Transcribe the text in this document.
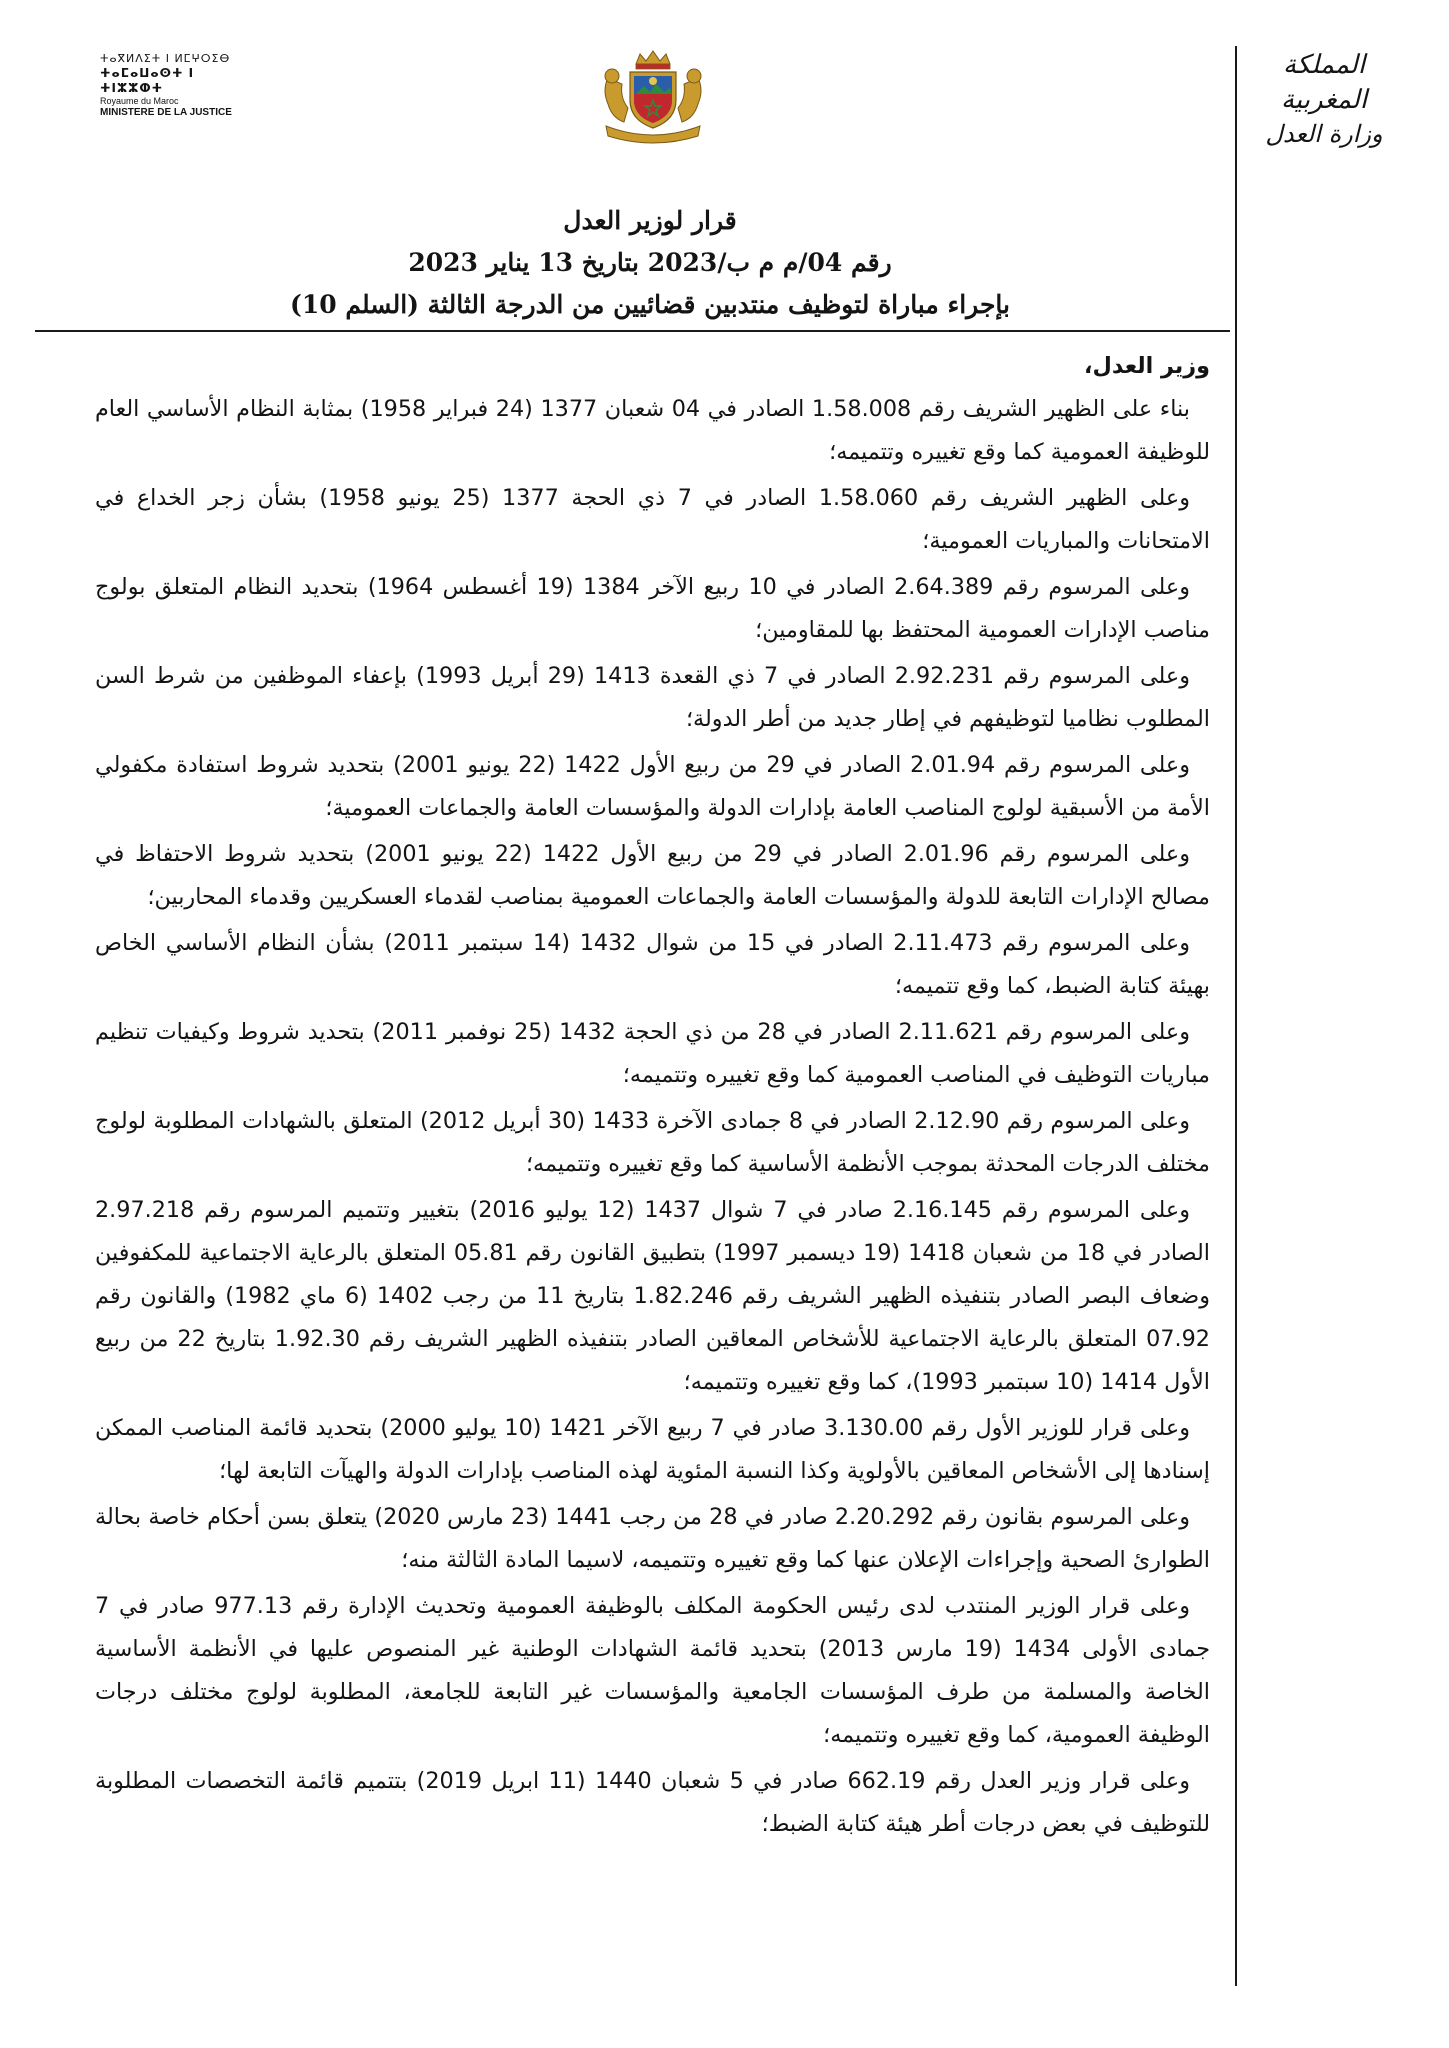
ⵜⴰⴳⵍⴷⵉⵜ ⵏ ⵍⵎⵖⵔⵉⴱ
ⵜⴰⵎⴰⵡⴰⵙⵜ ⵏ ⵜⵏⵣⵣⵀⵜ
Royaume du Maroc
MINISTERE DE LA JUSTICE
المملكة المغربية
وزارة العدل
قرار لوزير العدل
رقم 04/م م ب/2023 بتاريخ 13 يناير 2023
بإجراء مباراة لتوظيف منتدبين قضائيين من الدرجة الثالثة (السلم 10)
وزير العدل،

بناء على الظهير الشريف رقم 1.58.008 الصادر في 04 شعبان 1377 (24 فبراير 1958) بمثابة النظام الأساسي العام للوظيفة العمومية كما وقع تغييره وتتميمه؛

وعلى الظهير الشريف رقم 1.58.060 الصادر في 7 ذي الحجة 1377 (25 يونيو 1958) بشأن زجر الخداع في الامتحانات والمباريات العمومية؛

وعلى المرسوم رقم 2.64.389 الصادر في 10 ربيع الآخر 1384 (19 أغسطس 1964) بتحديد النظام المتعلق بولوج مناصب الإدارات العمومية المحتفظ بها للمقاومين؛

وعلى المرسوم رقم 2.92.231 الصادر في 7 ذي القعدة 1413 (29 أبريل 1993) بإعفاء الموظفين من شرط السن المطلوب نظاميا لتوظيفهم في إطار جديد من أطر الدولة؛

وعلى المرسوم رقم 2.01.94 الصادر في 29 من ربيع الأول 1422 (22 يونيو 2001) بتحديد شروط استفادة مكفولي الأمة من الأسبقية لولوج المناصب العامة بإدارات الدولة والمؤسسات العامة والجماعات العمومية؛

وعلى المرسوم رقم 2.01.96 الصادر في 29 من ربيع الأول 1422 (22 يونيو 2001) بتحديد شروط الاحتفاظ في مصالح الإدارات التابعة للدولة والمؤسسات العامة والجماعات العمومية بمناصب لقدماء العسكريين وقدماء المحاربين؛

وعلى المرسوم رقم 2.11.473 الصادر في 15 من شوال 1432 (14 سبتمبر 2011) بشأن النظام الأساسي الخاص بهيئة كتابة الضبط، كما وقع تتميمه؛

وعلى المرسوم رقم 2.11.621 الصادر في 28 من ذي الحجة 1432 (25 نوفمبر 2011) بتحديد شروط وكيفيات تنظيم مباريات التوظيف في المناصب العمومية كما وقع تغييره وتتميمه؛

وعلى المرسوم رقم 2.12.90 الصادر في 8 جمادى الآخرة 1433 (30 أبريل 2012) المتعلق بالشهادات المطلوبة لولوج مختلف الدرجات المحدثة بموجب الأنظمة الأساسية كما وقع تغييره وتتميمه؛

وعلى المرسوم رقم 2.16.145 صادر في 7 شوال 1437 (12 يوليو 2016) بتغيير وتتميم المرسوم رقم 2.97.218 الصادر في 18 من شعبان 1418 (19 ديسمبر 1997) بتطبيق القانون رقم 05.81 المتعلق بالرعاية الاجتماعية للمكفوفين وضعاف البصر الصادر بتنفيذه الظهير الشريف رقم 1.82.246 بتاريخ 11 من رجب 1402 (6 ماي 1982) والقانون رقم 07.92 المتعلق بالرعاية الاجتماعية للأشخاص المعاقين الصادر بتنفيذه الظهير الشريف رقم 1.92.30 بتاريخ 22 من ربيع الأول 1414 (10 سبتمبر 1993)، كما وقع تغييره وتتميمه؛

وعلى قرار للوزير الأول رقم 3.130.00 صادر في 7 ربيع الآخر 1421 (10 يوليو 2000) بتحديد قائمة المناصب الممكن إسنادها إلى الأشخاص المعاقين بالأولوية وكذا النسبة المئوية لهذه المناصب بإدارات الدولة والهيآت التابعة لها؛

وعلى المرسوم بقانون رقم 2.20.292 صادر في 28 من رجب 1441 (23 مارس 2020) يتعلق بسن أحكام خاصة بحالة الطوارئ الصحية وإجراءات الإعلان عنها كما وقع تغييره وتتميمه، لاسيما المادة الثالثة منه؛

وعلى قرار الوزير المنتدب لدى رئيس الحكومة المكلف بالوظيفة العمومية وتحديث الإدارة رقم 977.13 صادر في 7 جمادى الأولى 1434 (19 مارس 2013) بتحديد قائمة الشهادات الوطنية غير المنصوص عليها في الأنظمة الأساسية الخاصة والمسلمة من طرف المؤسسات الجامعية والمؤسسات غير التابعة للجامعة، المطلوبة لولوج مختلف درجات الوظيفة العمومية، كما وقع تغييره وتتميمه؛

وعلى قرار وزير العدل رقم 662.19 صادر في 5 شعبان 1440 (11 ابريل 2019) بتتميم قائمة التخصصات المطلوبة للتوظيف في بعض درجات أطر هيئة كتابة الضبط؛
